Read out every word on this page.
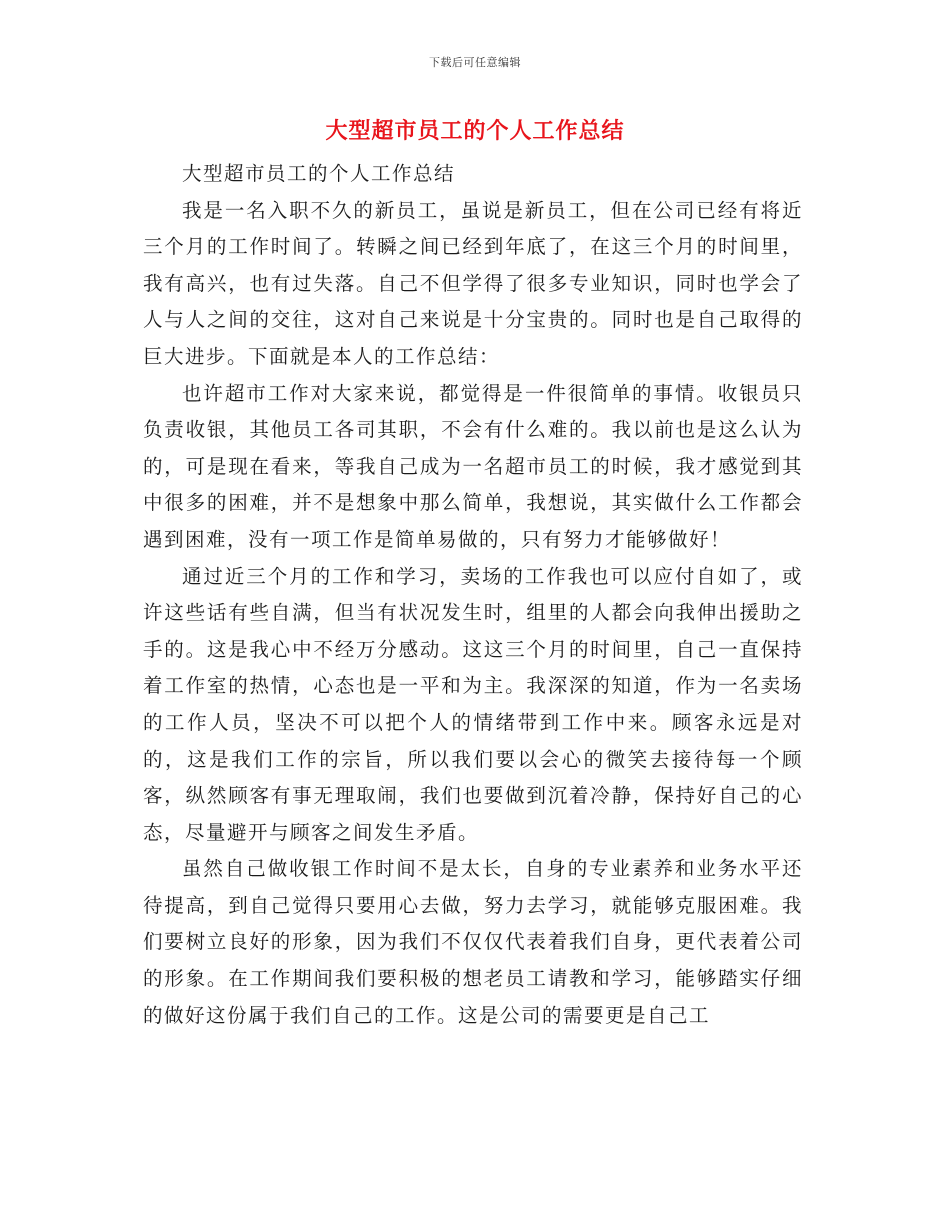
下载后可任意编辑
大型超市员工的个人工作总结

大型超市员工的个人工作总结

我是一名入职不久的新员工，虽说是新员工，但在公司已经有将近三个月的工作时间了。转瞬之间已经到年底了，在这三个月的时间里，我有高兴，也有过失落。自己不但学得了很多专业知识，同时也学会了人与人之间的交往，这对自己来说是十分宝贵的。同时也是自己取得的巨大进步。下面就是本人的工作总结：

也许超市工作对大家来说，都觉得是一件很简单的事情。收银员只负责收银，其他员工各司其职，不会有什么难的。我以前也是这么认为的，可是现在看来，等我自己成为一名超市员工的时候，我才感觉到其中很多的困难，并不是想象中那么简单，我想说，其实做什么工作都会遇到困难，没有一项工作是简单易做的，只有努力才能够做好！

通过近三个月的工作和学习，卖场的工作我也可以应付自如了，或许这些话有些自满，但当有状况发生时，组里的人都会向我伸出援助之手的。这是我心中不经万分感动。这这三个月的时间里，自己一直保持着工作室的热情，心态也是一平和为主。我深深的知道，作为一名卖场的工作人员，坚决不可以把个人的情绪带到工作中来。顾客永远是对的，这是我们工作的宗旨，所以我们要以会心的微笑去接待每一个顾客，纵然顾客有事无理取闹，我们也要做到沉着冷静，保持好自己的心态，尽量避开与顾客之间发生矛盾。

虽然自己做收银工作时间不是太长，自身的专业素养和业务水平还待提高，到自己觉得只要用心去做，努力去学习，就能够克服困难。我们要树立良好的形象，因为我们不仅仅代表着我们自身，更代表着公司的形象。在工作期间我们要积极的想老员工请教和学习，能够踏实仔细的做好这份属于我们自己的工作。这是公司的需要更是自己工
